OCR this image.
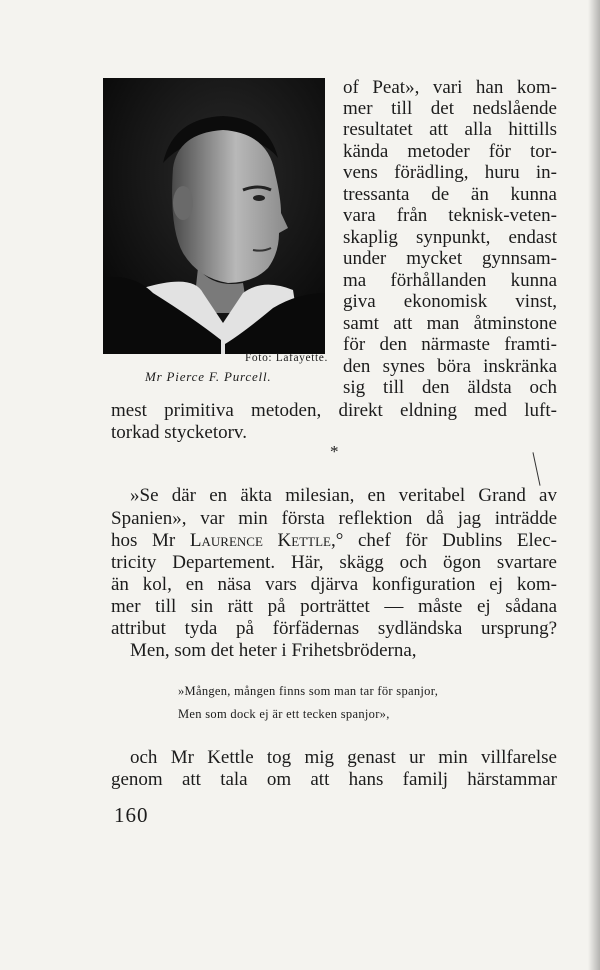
Foto: Lafayette.
Mr Pierce F. Purcell.
of Peat», vari han kom-
mer till det nedslående
resultatet att alla hittills
kända metoder för tor-
vens förädling, huru in-
tressanta de än kunna
vara från teknisk-veten-
skaplig synpunkt, endast
under mycket gynnsam-
ma förhållanden kunna
giva ekonomisk vinst,
samt att man åtminstone
för den närmaste framti-
den synes böra inskränka
sig till den äldsta och
mest primitiva metoden, direkt eldning med luft-
torkad stycketorv.
*
»Se där en äkta milesian, en veritabel Grand av
Spanien», var min första reflektion då jag inträdde
hos Mr Laurence Kettle,° chef för Dublins Elec-
tricity Departement. Här, skägg och ögon svartare
än kol, en näsa vars djärva konfiguration ej kom-
mer till sin rätt på porträttet — måste ej sådana
attribut tyda på förfädernas sydländska ursprung?
Men, som det heter i Frihetsbröderna,
»Mången, mången finns som man tar för spanjor,
Men som dock ej är ett tecken spanjor»,
och Mr Kettle tog mig genast ur min villfarelse
genom att tala om att hans familj härstammar
160
